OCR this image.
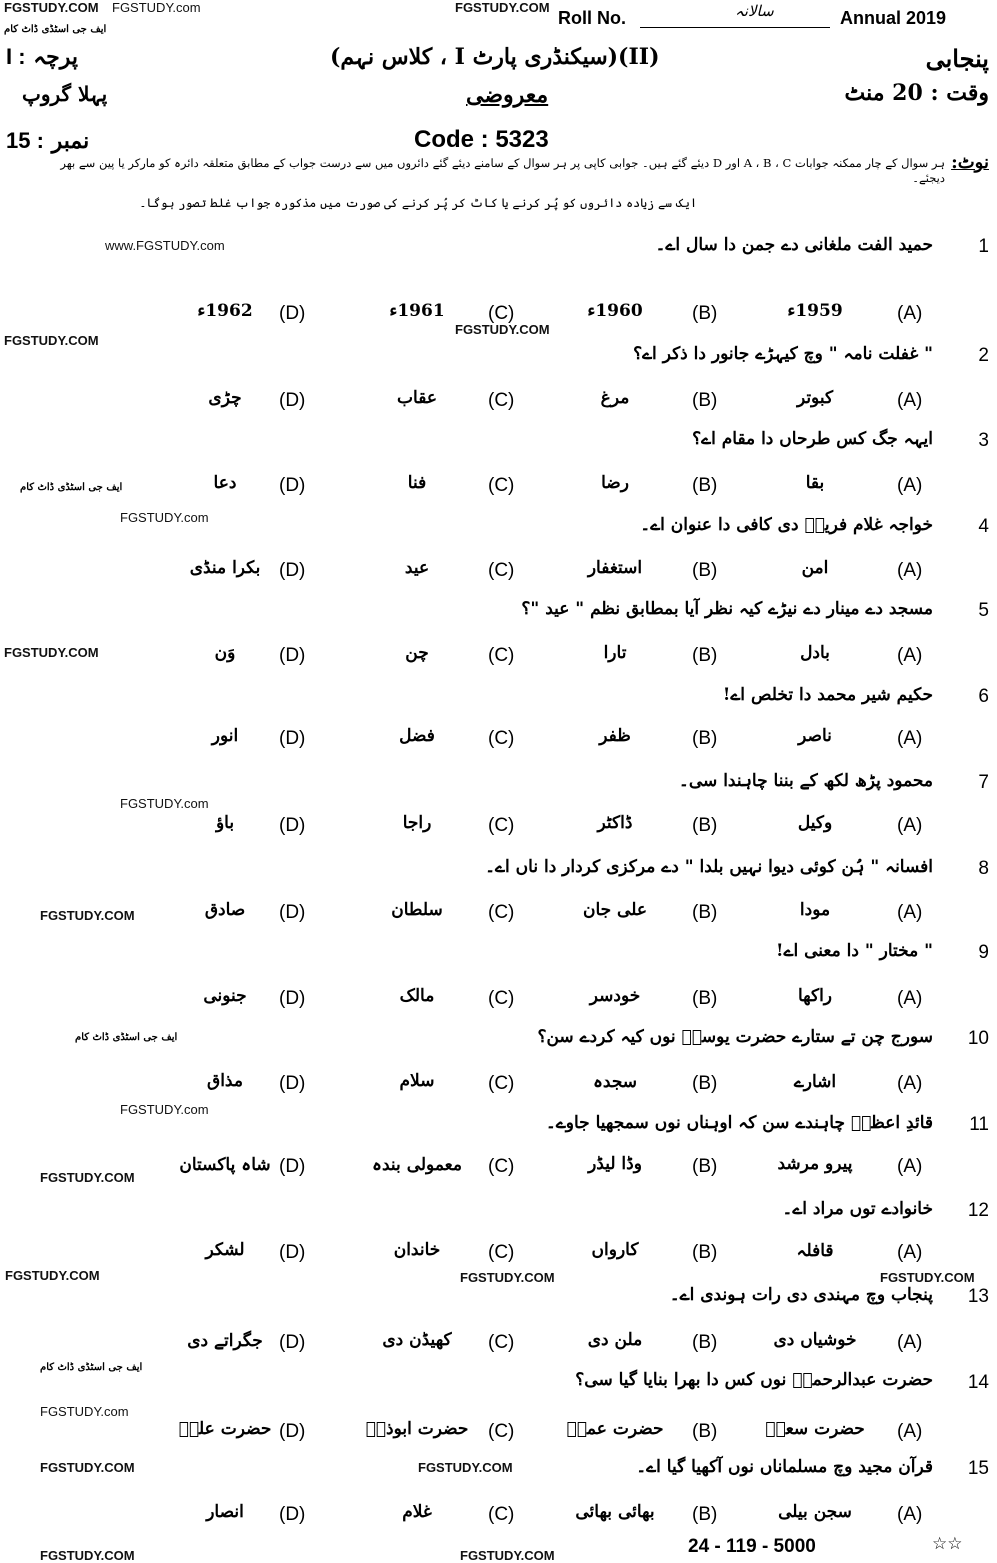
Roll No.	سالانہ	Annual 2019
پنجابی
(II)(سیکنڈری پارٹ I ، کلاس نہم)
I : پرچہ
وقت : 20 منٹ
معروضی
پہلا گروپ
15 : نمبر	Code : 5323
نوٹ:
ہر سوال کے چار ممکنہ جوابات A ، B ، C اور D دیئے گئے ہیں۔ جوابی کاپی پر ہر سوال کے سامنے دیئے گئے دائروں میں سے درست جواب کے مطابق متعلقہ دائرہ کو مارکر یا پین سے بھر دیجئے۔
ایک سے زیادہ دائروں کو پُر کرنے یا کاٹ کر پُر کرنے کی صورت میں مذکورہ جواب غلط تصور ہوگا۔
1
حمید الفت ملغانی دے جمن دا سال اے۔
(A)
1959ء
(B)
1960ء
(C)
1961ء
(D)
1962ء
2
" غفلت نامہ " وچ کیہڑے جانور دا ذکر اے؟
(A)
کبوتر
(B)
مرغ
(C)
عقاب
(D)
چڑی
3
ایہہ جگ کس طرحاں دا مقام اے؟
(A)
بقا
(B)
رضا
(C)
فنا
(D)
دعا
4
خواجہ غلام فریدؒ دی کافی دا عنوان اے۔
(A)
امن
(B)
استغفار
(C)
عید
(D)
بکرا منڈی
5
مسجد دے مینار دے نیڑے کیہ نظر آیا بمطابق نظم " عید "؟
(A)
بادل
(B)
تارا
(C)
چن
(D)
وَن
6
حکیم شیر محمد دا تخلص اے!
(A)
ناصر
(B)
ظفر
(C)
فضل
(D)
انور
7
محمود پڑھ لکھ کے بننا چاہندا سی۔
(A)
وکیل
(B)
ڈاکٹر
(C)
راجا
(D)
باؤ
8
افسانہ " ہُن کوئی دیوا نہیں بلدا " دے مرکزی کردار دا ناں اے۔
(A)
مودا
(B)
علی جان
(C)
سلطان
(D)
صادق
9
" مختار " دا معنی اے!
(A)
راکھا
(B)
خودسر
(C)
مالک
(D)
جنونی
10
سورج چن تے ستارے حضرت یوسفؑ نوں کیہ کردے سن؟
(A)
اشارے
(B)
سجدہ
(C)
سلام
(D)
مذاق
11
قائدِ اعظمؒ چاہندے سن کہ اوہناں نوں سمجھیا جاوے۔
(A)
پیرو مرشد
(B)
وڈا لیڈر
(C)
معمولی بندہ
(D)
شاہ پاکستان
12
خانوادے توں مراد اے۔
(A)
قافلہ
(B)
کارواں
(C)
خاندان
(D)
لشکر
13
پنجاب وچ مہندی دی رات ہوندی اے۔
(A)
خوشیاں دی
(B)
ملن دی
(C)
کھیڈن دی
(D)
جگراتے دی
14
حضرت عبدالرحمنؓ نوں کس دا بھرا بنایا گیا سی؟
(A)
حضرت سعدؓ
(B)
حضرت عمرؓ
(C)
حضرت ابوذرؓ
(D)
حضرت علیؓ
15
قرآن مجید وچ مسلماناں نوں آکھیا گیا اے۔
(A)
سجن بیلی
(B)
بھائی بھائی
(C)
غلام
(D)
انصار
24 - 119 - 5000	☆☆
FGSTUDY.COM FGSTUDY.com	FGSTUDY.COM
ایف جی اسٹڈی ڈاٹ کام
www.FGSTUDY.com
FGSTUDY.COM
FGSTUDY.COM
ایف جی اسٹڈی ڈاٹ کام
FGSTUDY.com
FGSTUDY.COM
FGSTUDY.com
FGSTUDY.COM
ایف جی اسٹڈی ڈاٹ کام
FGSTUDY.com
FGSTUDY.COM
FGSTUDY.COM	FGSTUDY.COM	FGSTUDY.COM
ایف جی اسٹڈی ڈاٹ کام
FGSTUDY.com
FGSTUDY.COM	FGSTUDY.COM
FGSTUDY.COM	FGSTUDY.COM
